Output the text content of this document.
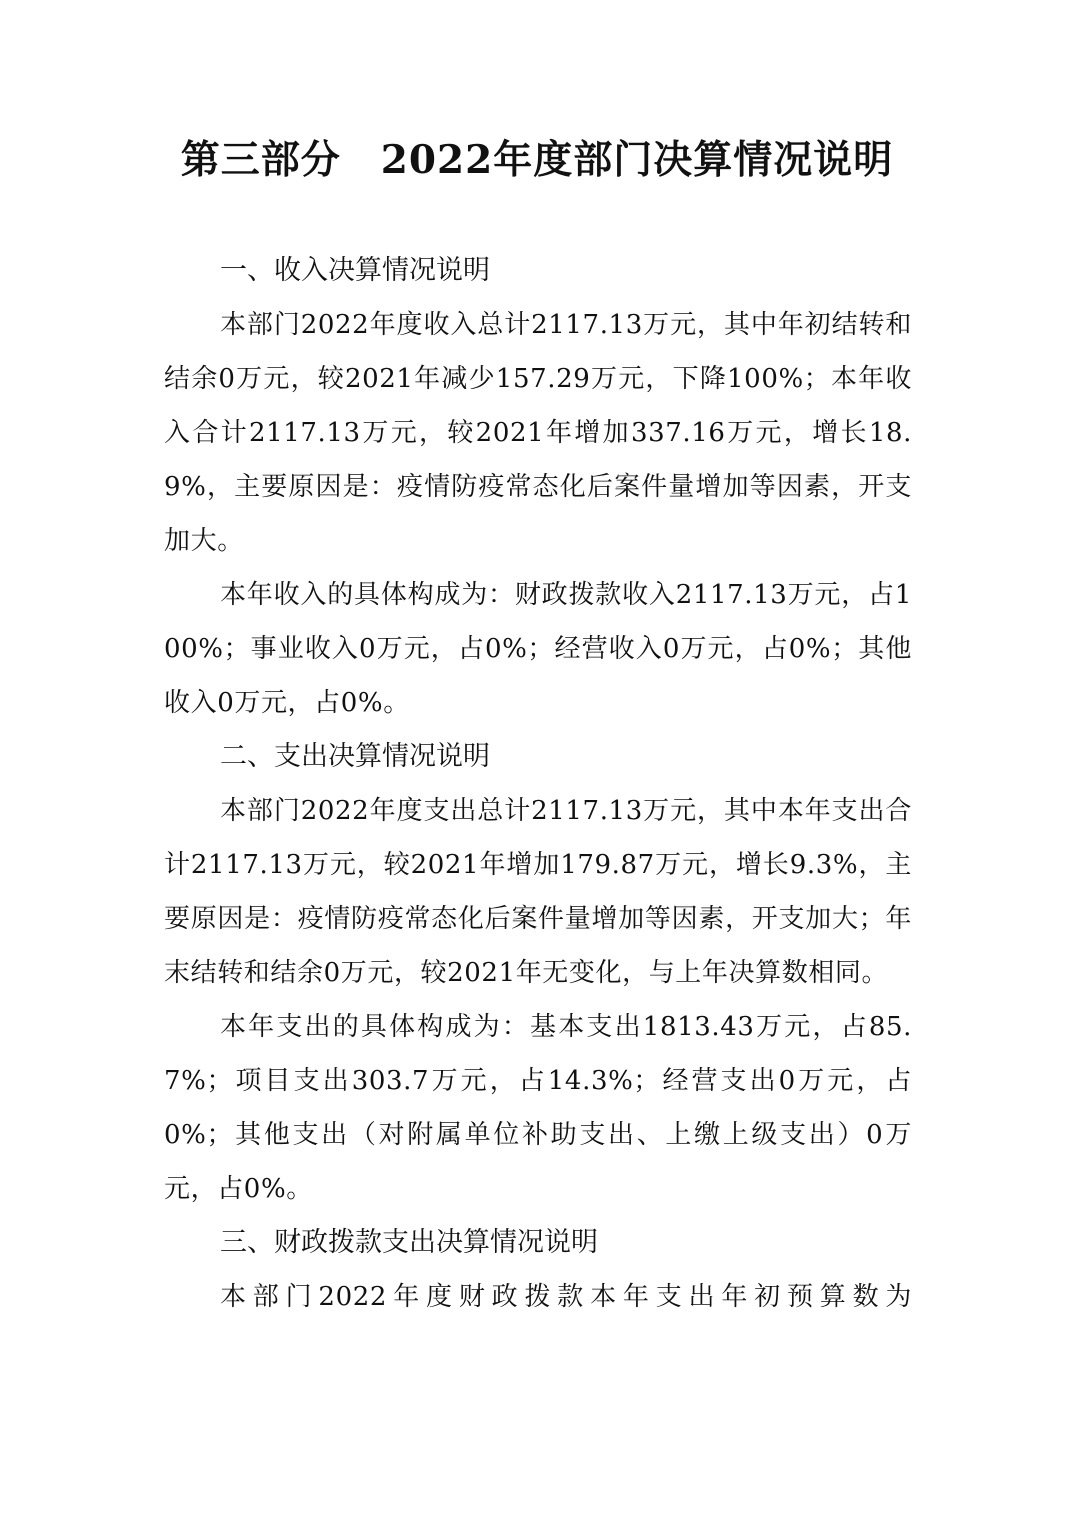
第三部分　2022年度部门决算情况说明
一、收入决算情况说明

本部门2022年度收入总计2117.13万元，其中年初结转和结余0万元，较2021年减少157.29万元，下降100%；本年收入合计2117.13万元，较2021年增加337.16万元，增长18.9%，主要原因是：疫情防疫常态化后案件量增加等因素，开支加大。

本年收入的具体构成为：财政拨款收入2117.13万元，占100%；事业收入0万元，占0%；经营收入0万元，占0%；其他收入0万元，占0%。

二、支出决算情况说明

本部门2022年度支出总计2117.13万元，其中本年支出合计2117.13万元，较2021年增加179.87万元，增长9.3%，主要原因是：疫情防疫常态化后案件量增加等因素，开支加大；年末结转和结余0万元，较2021年无变化，与上年决算数相同。

本年支出的具体构成为：基本支出1813.43万元，占85.7%；项目支出303.7万元，占14.3%；经营支出0万元，占0%；其他支出（对附属单位补助支出、上缴上级支出）0万元，占0%。

三、财政拨款支出决算情况说明

本部门2022年度财政拨款本年支出年初预算数为
